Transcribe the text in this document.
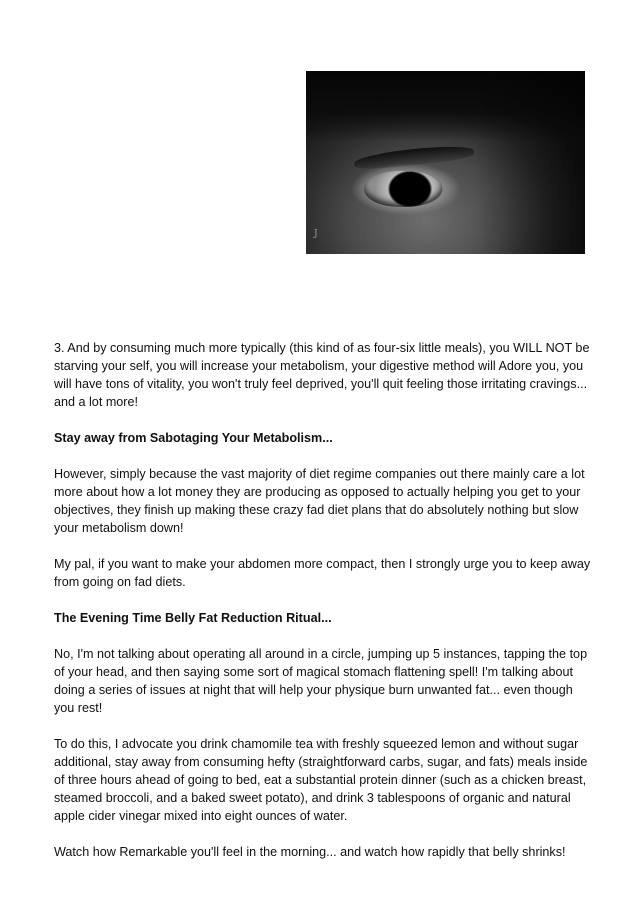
J

3. And by consuming much more typically (this kind of as four-six little meals), you WILL NOT be starving your self, you will increase your metabolism, your digestive method will Adore you, you will have tons of vitality, you won't truly feel deprived, you'll quit feeling those irritating cravings... and a lot more!

Stay away from Sabotaging Your Metabolism...

However, simply because the vast majority of diet regime companies out there mainly care a lot more about how a lot money they are producing as opposed to actually helping you get to your objectives, they finish up making these crazy fad diet plans that do absolutely nothing but slow your metabolism down!

My pal, if you want to make your abdomen more compact, then I strongly urge you to keep away from going on fad diets.

The Evening Time Belly Fat Reduction Ritual...

No, I'm not talking about operating all around in a circle, jumping up 5 instances, tapping the top of your head, and then saying some sort of magical stomach flattening spell! I'm talking about doing a series of issues at night that will help your physique burn unwanted fat... even though you rest!

To do this, I advocate you drink chamomile tea with freshly squeezed lemon and without sugar additional, stay away from consuming hefty (straightforward carbs, sugar, and fats) meals inside of three hours ahead of going to bed, eat a substantial protein dinner (such as a chicken breast, steamed broccoli, and a baked sweet potato), and drink 3 tablespoons of organic and natural apple cider vinegar mixed into eight ounces of water.

Watch how Remarkable you'll feel in the morning... and watch how rapidly that belly shrinks!
